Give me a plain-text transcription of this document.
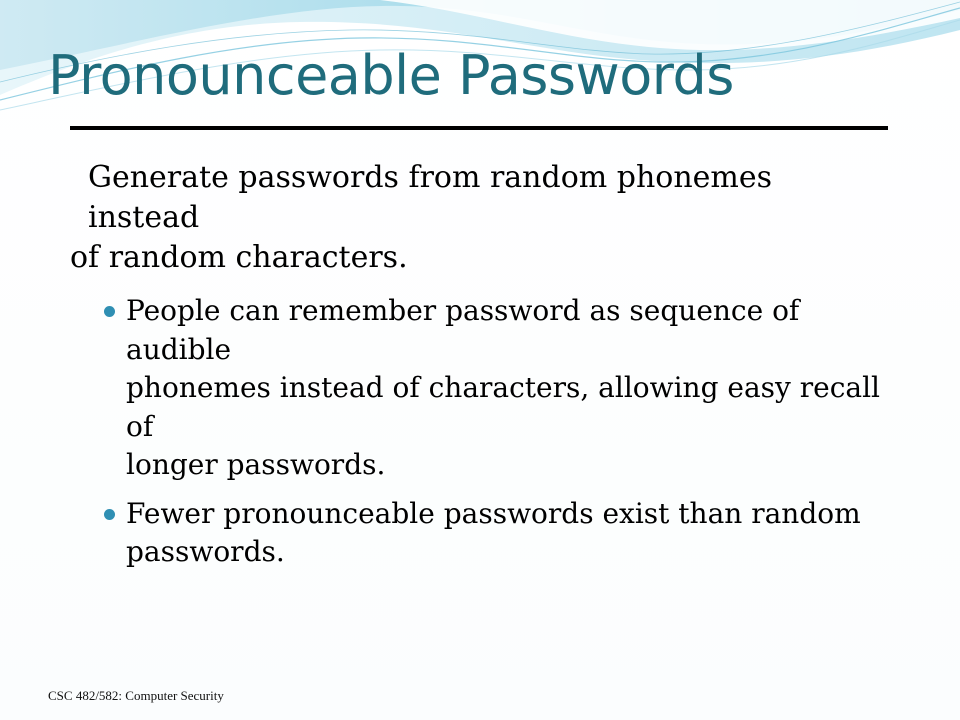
Pronounceable Passwords

Generate passwords from random phonemes instead
of random characters.

People can remember password as sequence of audible
phonemes instead of characters, allowing easy recall of
longer passwords.
Fewer pronounceable passwords exist than random
passwords.
CSC 482/582: Computer Security
